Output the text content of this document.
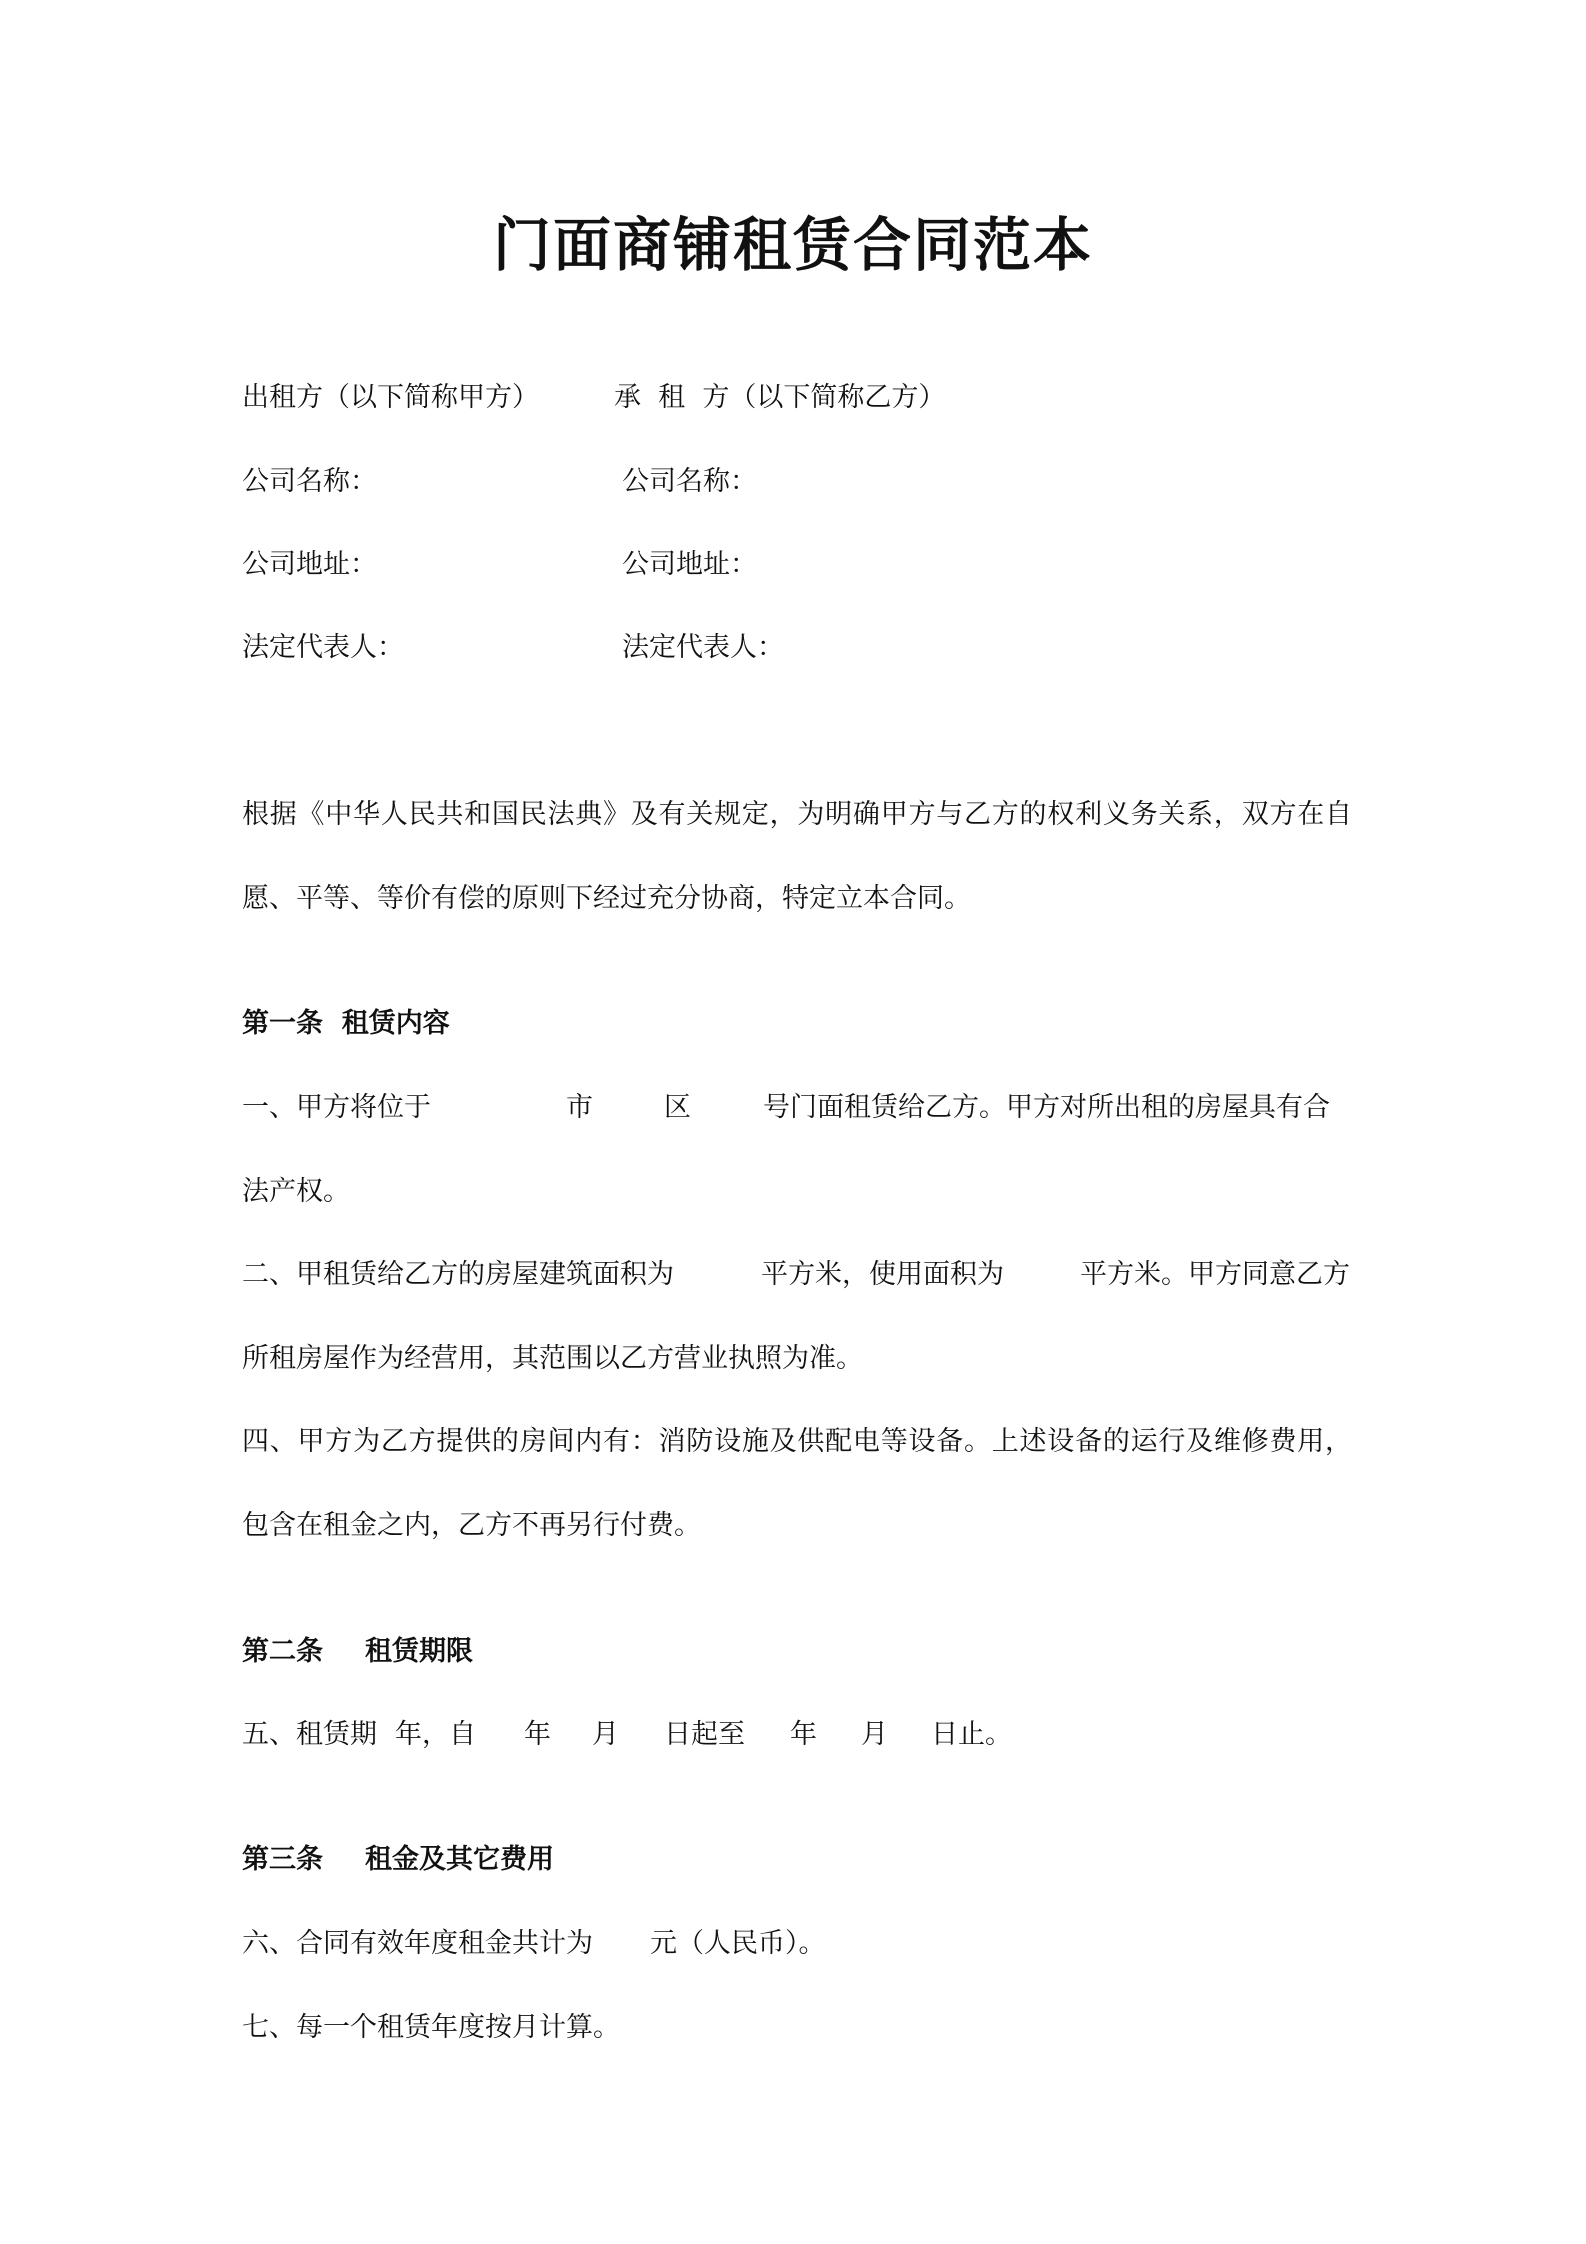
门面商铺租赁合同范本
出租方（以下简称甲方）	承  租  方（以下简称乙方）
公司名称：	公司名称：
公司地址：	公司地址：
法定代表人：	法定代表人：
根据《中华人民共和国民法典》及有关规定，为明确甲方与乙方的权利义务关系，双方在自
愿、平等、等价有偿的原则下经过充分协商，特定立本合同。
第一条  租赁内容
一、甲方将位于	市	区	号门面租赁给乙方。甲方对所出租的房屋具有合
法产权。
二、甲租赁给乙方的房屋建筑面积为	平方米，使用面积为	平方米。甲方同意乙方
所租房屋作为经营用，其范围以乙方营业执照为准。
四、甲方为乙方提供的房间内有：消防设施及供配电等设备。上述设备的运行及维修费用，
包含在租金之内，乙方不再另行付费。
第二条 租赁期限
五、租赁期 年，自 年 月 日起至 年 月 日止。
第三条 租金及其它费用
六、合同有效年度租金共计为 元（人民币）。
七、每一个租赁年度按月计算。
